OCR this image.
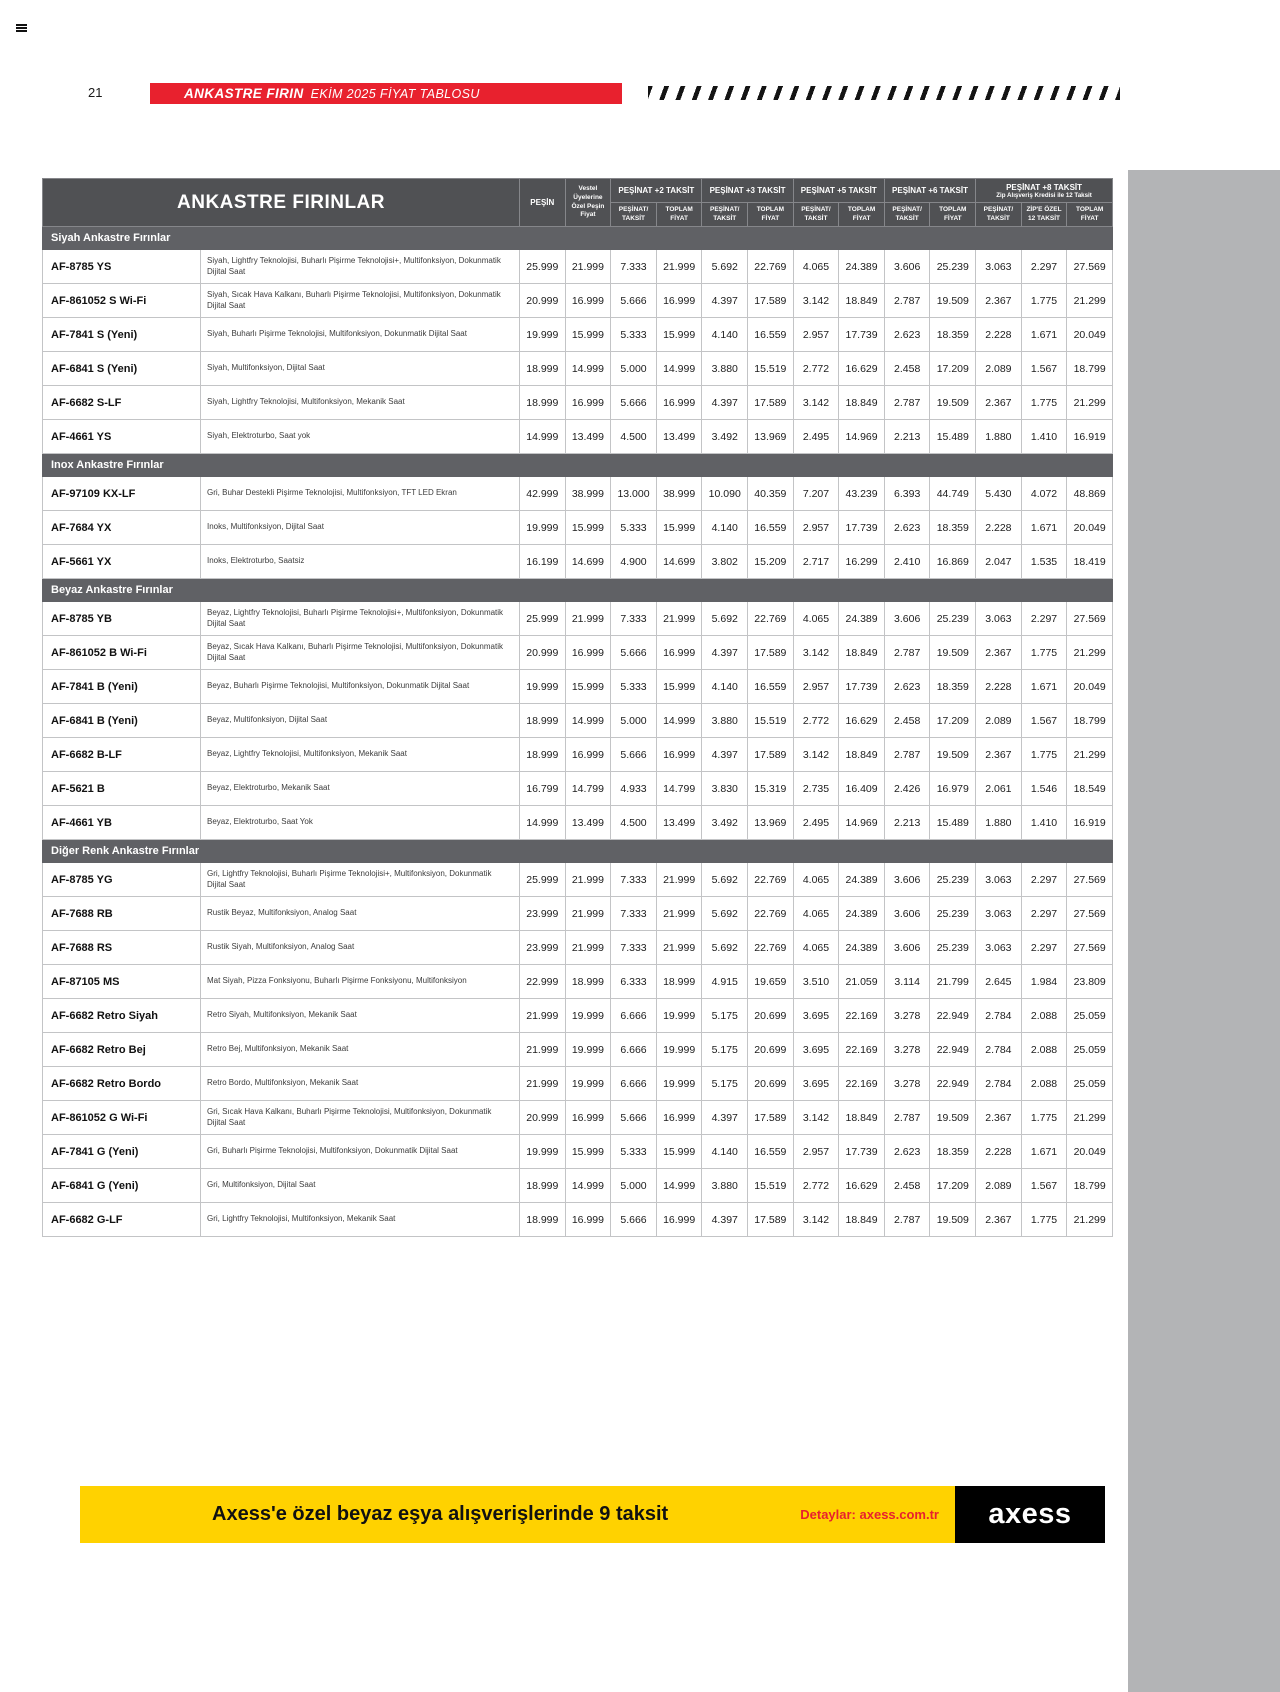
21	ANKASTRE FIRIN EKİM 2025 FİYAT TABLOSU
ANKASTRE FIRINLAR		PEŞİN	Vestel Üyelerine Özel Peşin Fiyat	PEŞİNAT +2 TAKSİT		PEŞİNAT +3 TAKSİT		PEŞİNAT +5 TAKSİT		PEŞİNAT +6 TAKSİT		PEŞİNAT +8 TAKSİT
Zip Alışveriş Kredisi ile 12 Taksit		

				PEŞİNAT/ TAKSİT	TOPLAM FİYAT	PEŞİNAT/ TAKSİT	TOPLAM FİYAT	PEŞİNAT/ TAKSİT	TOPLAM FİYAT	PEŞİNAT/ TAKSİT	TOPLAM FİYAT	PEŞİNAT/ TAKSİT	ZİP'E ÖZEL 12 TAKSİT	TOPLAM FİYAT
Siyah Ankastre Fırınlar														
AF-8785 YS	Siyah, Lightfry Teknolojisi, Buharlı Pişirme Teknolojisi+, Multifonksiyon, Dokunmatik Dijital Saat	25.999	21.999	7.333	21.999	5.692	22.769	4.065	24.389	3.606	25.239	3.063	2.297	27.569
AF-861052 S Wi-Fi	Siyah, Sıcak Hava Kalkanı, Buharlı Pişirme Teknolojisi, Multifonksiyon, Dokunmatik Dijital Saat	20.999	16.999	5.666	16.999	4.397	17.589	3.142	18.849	2.787	19.509	2.367	1.775	21.299
AF-7841 S (Yeni)	Siyah, Buharlı Pişirme Teknolojisi, Multifonksiyon, Dokunmatik Dijital Saat	19.999	15.999	5.333	15.999	4.140	16.559	2.957	17.739	2.623	18.359	2.228	1.671	20.049
AF-6841 S (Yeni)	Siyah, Multifonksiyon, Dijital Saat	18.999	14.999	5.000	14.999	3.880	15.519	2.772	16.629	2.458	17.209	2.089	1.567	18.799
AF-6682 S-LF	Siyah, Lightfry Teknolojisi, Multifonksiyon, Mekanik Saat	18.999	16.999	5.666	16.999	4.397	17.589	3.142	18.849	2.787	19.509	2.367	1.775	21.299
AF-4661 YS	Siyah, Elektroturbo, Saat yok	14.999	13.499	4.500	13.499	3.492	13.969	2.495	14.969	2.213	15.489	1.880	1.410	16.919
Inox Ankastre Fırınlar														
AF-97109 KX-LF	Gri, Buhar Destekli Pişirme Teknolojisi, Multifonksiyon, TFT LED Ekran	42.999	38.999	13.000	38.999	10.090	40.359	7.207	43.239	6.393	44.749	5.430	4.072	48.869
AF-7684 YX	Inoks, Multifonksiyon, Dijital Saat	19.999	15.999	5.333	15.999	4.140	16.559	2.957	17.739	2.623	18.359	2.228	1.671	20.049
AF-5661 YX	Inoks, Elektroturbo, Saatsiz	16.199	14.699	4.900	14.699	3.802	15.209	2.717	16.299	2.410	16.869	2.047	1.535	18.419
Beyaz Ankastre Fırınlar														
AF-8785 YB	Beyaz, Lightfry Teknolojisi, Buharlı Pişirme Teknolojisi+, Multifonksiyon, Dokunmatik Dijital Saat	25.999	21.999	7.333	21.999	5.692	22.769	4.065	24.389	3.606	25.239	3.063	2.297	27.569
AF-861052 B Wi-Fi	Beyaz, Sıcak Hava Kalkanı, Buharlı Pişirme Teknolojisi, Multifonksiyon, Dokunmatik Dijital Saat	20.999	16.999	5.666	16.999	4.397	17.589	3.142	18.849	2.787	19.509	2.367	1.775	21.299
AF-7841 B (Yeni)	Beyaz, Buharlı Pişirme Teknolojisi, Multifonksiyon, Dokunmatik Dijital Saat	19.999	15.999	5.333	15.999	4.140	16.559	2.957	17.739	2.623	18.359	2.228	1.671	20.049
AF-6841 B (Yeni)	Beyaz, Multifonksiyon, Dijital Saat	18.999	14.999	5.000	14.999	3.880	15.519	2.772	16.629	2.458	17.209	2.089	1.567	18.799
AF-6682 B-LF	Beyaz, Lightfry Teknolojisi, Multifonksiyon, Mekanik Saat	18.999	16.999	5.666	16.999	4.397	17.589	3.142	18.849	2.787	19.509	2.367	1.775	21.299
AF-5621 B	Beyaz, Elektroturbo, Mekanik Saat	16.799	14.799	4.933	14.799	3.830	15.319	2.735	16.409	2.426	16.979	2.061	1.546	18.549
AF-4661 YB	Beyaz, Elektroturbo, Saat Yok	14.999	13.499	4.500	13.499	3.492	13.969	2.495	14.969	2.213	15.489	1.880	1.410	16.919
Diğer Renk Ankastre Fırınlar														
AF-8785 YG	Gri, Lightfry Teknolojisi, Buharlı Pişirme Teknolojisi+, Multifonksiyon, Dokunmatik Dijital Saat	25.999	21.999	7.333	21.999	5.692	22.769	4.065	24.389	3.606	25.239	3.063	2.297	27.569
AF-7688 RB	Rustik Beyaz, Multifonksiyon, Analog Saat	23.999	21.999	7.333	21.999	5.692	22.769	4.065	24.389	3.606	25.239	3.063	2.297	27.569
AF-7688 RS	Rustik Siyah, Multifonksiyon, Analog Saat	23.999	21.999	7.333	21.999	5.692	22.769	4.065	24.389	3.606	25.239	3.063	2.297	27.569
AF-87105 MS	Mat Siyah, Pizza Fonksiyonu, Buharlı Pişirme Fonksiyonu, Multifonksiyon	22.999	18.999	6.333	18.999	4.915	19.659	3.510	21.059	3.114	21.799	2.645	1.984	23.809
AF-6682 Retro Siyah	Retro Siyah, Multifonksiyon, Mekanik Saat	21.999	19.999	6.666	19.999	5.175	20.699	3.695	22.169	3.278	22.949	2.784	2.088	25.059
AF-6682 Retro Bej	Retro Bej, Multifonksiyon, Mekanik Saat	21.999	19.999	6.666	19.999	5.175	20.699	3.695	22.169	3.278	22.949	2.784	2.088	25.059
AF-6682 Retro Bordo	Retro Bordo, Multifonksiyon, Mekanik Saat	21.999	19.999	6.666	19.999	5.175	20.699	3.695	22.169	3.278	22.949	2.784	2.088	25.059
AF-861052 G Wi-Fi	Gri, Sıcak Hava Kalkanı, Buharlı Pişirme Teknolojisi, Multifonksiyon, Dokunmatik Dijital Saat	20.999	16.999	5.666	16.999	4.397	17.589	3.142	18.849	2.787	19.509	2.367	1.775	21.299
AF-7841 G (Yeni)	Gri, Buharlı Pişirme Teknolojisi, Multifonksiyon, Dokunmatik Dijital Saat	19.999	15.999	5.333	15.999	4.140	16.559	2.957	17.739	2.623	18.359	2.228	1.671	20.049
AF-6841 G (Yeni)	Gri, Multifonksiyon, Dijital Saat	18.999	14.999	5.000	14.999	3.880	15.519	2.772	16.629	2.458	17.209	2.089	1.567	18.799
AF-6682 G-LF	Gri, Lightfry Teknolojisi, Multifonksiyon, Mekanik Saat	18.999	16.999	5.666	16.999	4.397	17.589	3.142	18.849	2.787	19.509	2.367	1.775	21.299
Axess'e özel beyaz eşya alışverişlerinde 9 taksit	Detaylar: axess.com.tr axess
